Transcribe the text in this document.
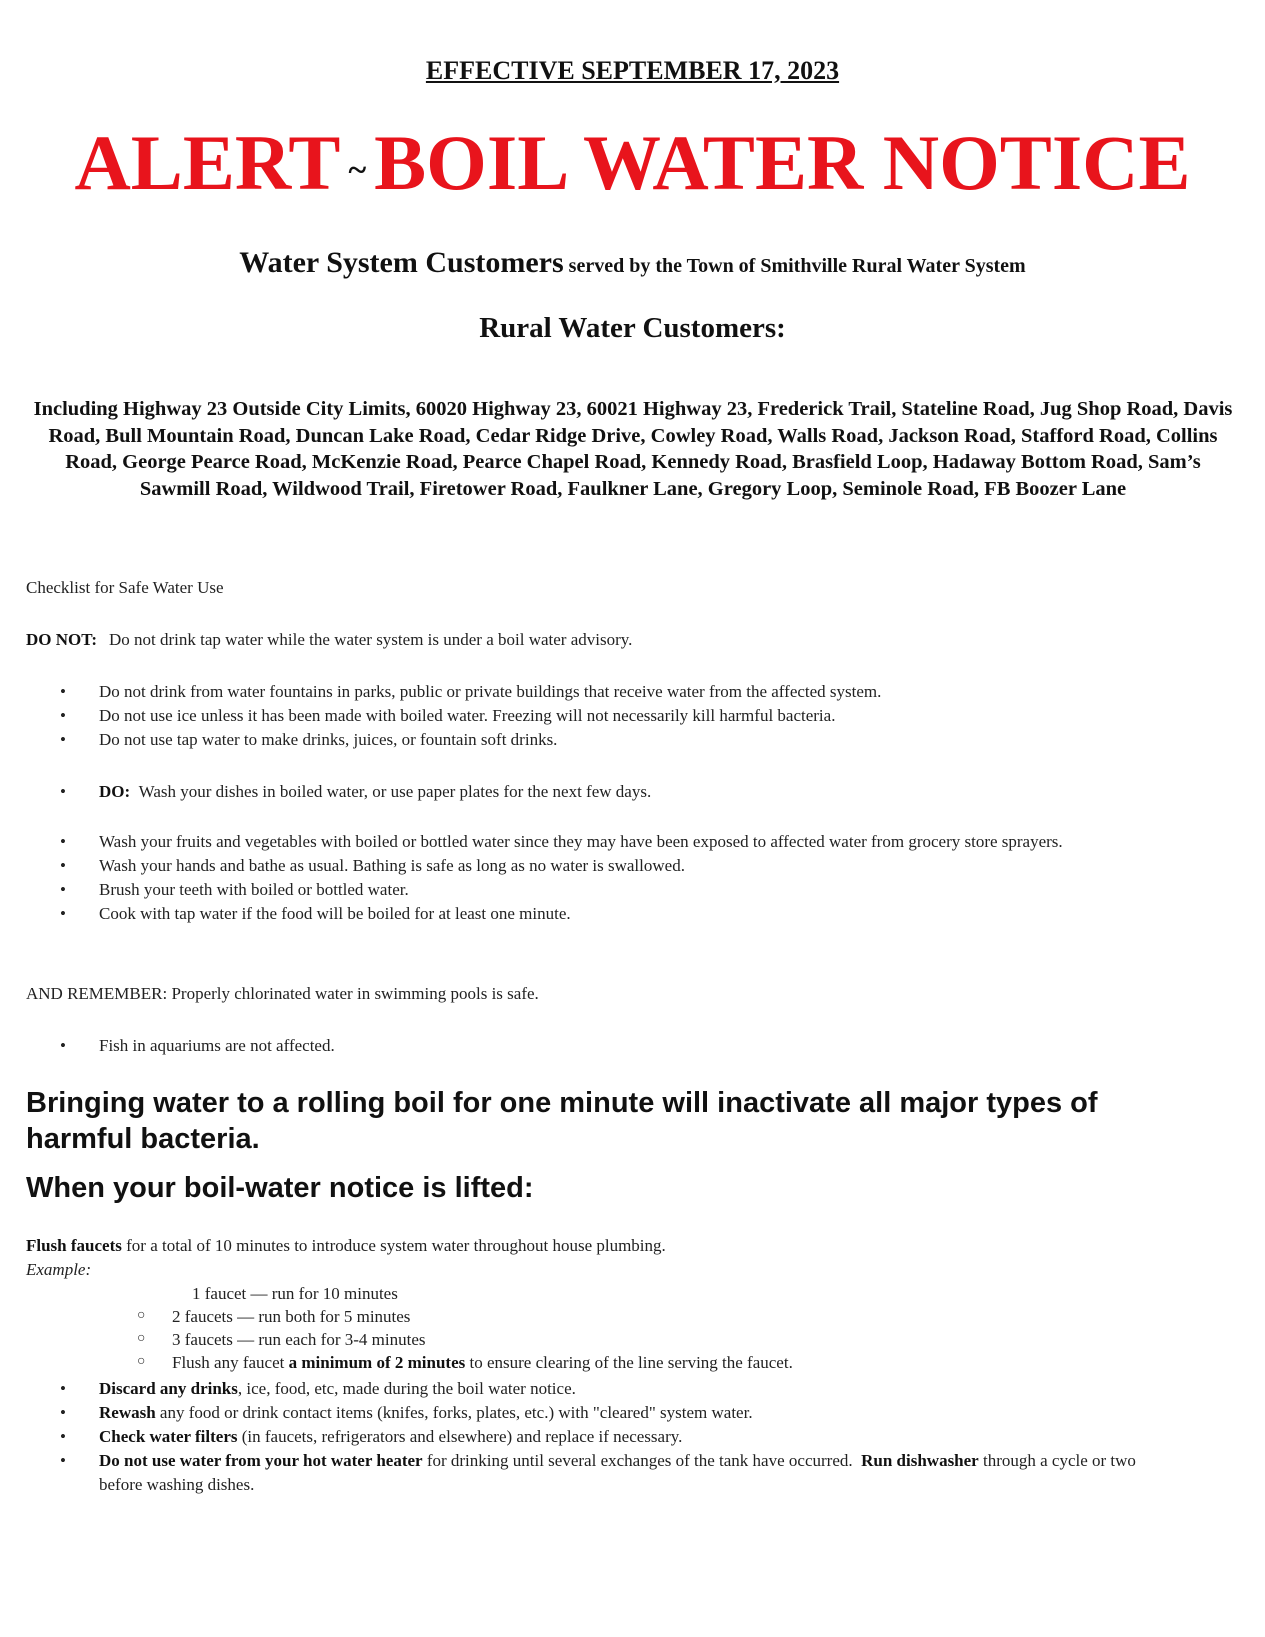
EFFECTIVE SEPTEMBER 17, 2023
ALERT ~ BOIL WATER NOTICE
Water System Customers served by the Town of Smithville Rural Water System
Rural Water Customers:
Including Highway 23 Outside City Limits, 60020 Highway 23, 60021 Highway 23, Frederick Trail, Stateline Road, Jug Shop Road, Davis Road, Bull Mountain Road, Duncan Lake Road, Cedar Ridge Drive, Cowley Road, Walls Road, Jackson Road, Stafford Road, Collins Road, George Pearce Road, McKenzie Road, Pearce Chapel Road, Kennedy Road, Brasfield Loop, Hadaway Bottom Road, Sam’s Sawmill Road, Wildwood Trail, Firetower Road, Faulkner Lane, Gregory Loop, Seminole Road, FB Boozer Lane
Checklist for Safe Water Use
DO NOT: Do not drink tap water while the water system is under a boil water advisory.
• Do not drink from water fountains in parks, public or private buildings that receive water from the affected system.
• Do not use ice unless it has been made with boiled water. Freezing will not necessarily kill harmful bacteria.
• Do not use tap water to make drinks, juices, or fountain soft drinks.
• DO: Wash your dishes in boiled water, or use paper plates for the next few days.
• Wash your fruits and vegetables with boiled or bottled water since they may have been exposed to affected water from grocery store sprayers.
• Wash your hands and bathe as usual. Bathing is safe as long as no water is swallowed.
• Brush your teeth with boiled or bottled water.
• Cook with tap water if the food will be boiled for at least one minute.
AND REMEMBER: Properly chlorinated water in swimming pools is safe.
• Fish in aquariums are not affected.
Bringing water to a rolling boil for one minute will inactivate all major types of harmful bacteria.
When your boil-water notice is lifted:
Flush faucets for a total of 10 minutes to introduce system water throughout house plumbing.
Example:
1 faucet — run for 10 minutes
○ 2 faucets — run both for 5 minutes
○ 3 faucets — run each for 3-4 minutes
○ Flush any faucet a minimum of 2 minutes to ensure clearing of the line serving the faucet.
• Discard any drinks, ice, food, etc, made during the boil water notice.
• Rewash any food or drink contact items (knifes, forks, plates, etc.) with "cleared" system water.
• Check water filters (in faucets, refrigerators and elsewhere) and replace if necessary.
• Do not use water from your hot water heater for drinking until several exchanges of the tank have occurred. Run dishwasher through a cycle or two before washing dishes.
